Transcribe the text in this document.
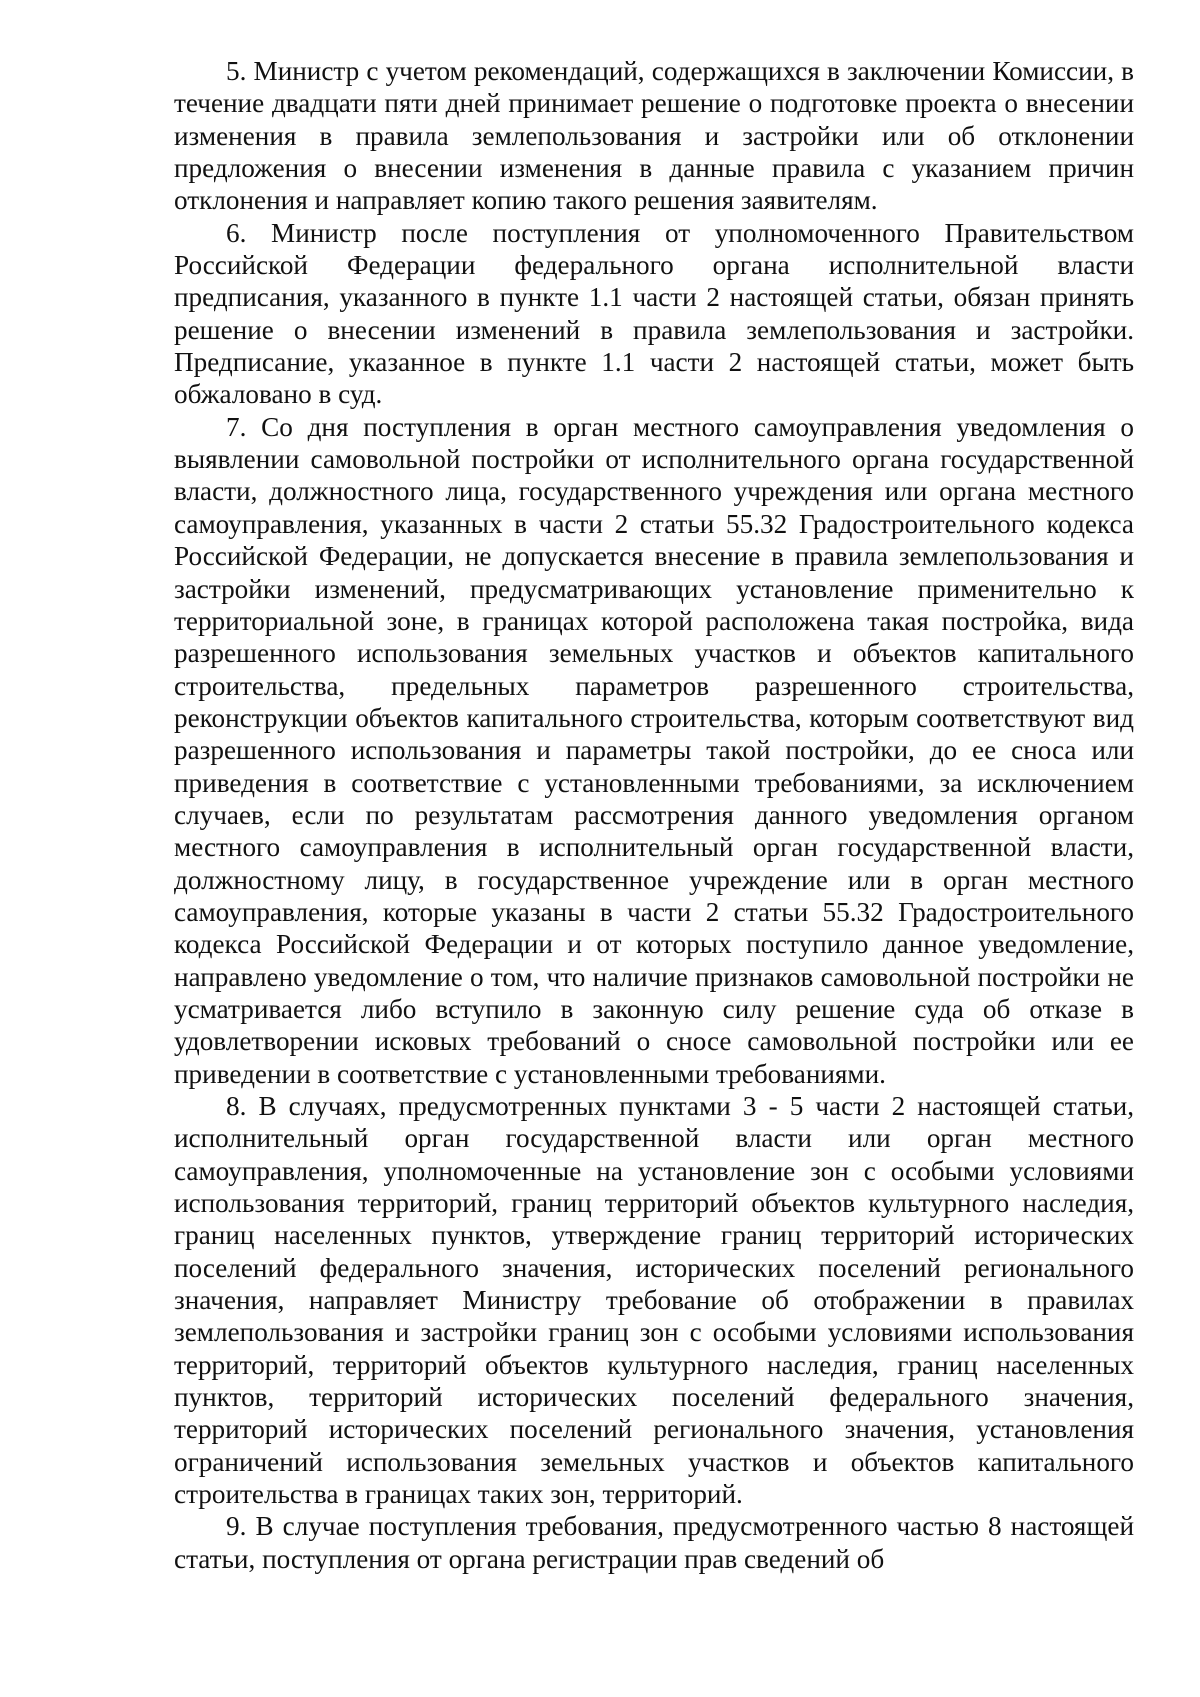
5. Министр с учетом рекомендаций, содержащихся в заключении Комиссии, в течение двадцати пяти дней принимает решение о подготовке проекта о внесении изменения в правила землепользования и застройки или об отклонении предложения о внесении изменения в данные правила с указанием причин отклонения и направляет копию такого решения заявителям.

6. Министр после поступления от уполномоченного Правительством Российской Федерации федерального органа исполнительной власти предписания, указанного в пункте 1.1 части 2 настоящей статьи, обязан принять решение о внесении изменений в правила землепользования и застройки. Предписание, указанное в пункте 1.1 части 2 настоящей статьи, может быть обжаловано в суд.

7. Со дня поступления в орган местного самоуправления уведомления о выявлении самовольной постройки от исполнительного органа государственной власти, должностного лица, государственного учреждения или органа местного самоуправления, указанных в части 2 статьи 55.32 Градостроительного кодекса Российской Федерации, не допускается внесение в правила землепользования и застройки изменений, предусматривающих установление применительно к территориальной зоне, в границах которой расположена такая постройка, вида разрешенного использования земельных участков и объектов капитального строительства, предельных параметров разрешенного строительства, реконструкции объектов капитального строительства, которым соответствуют вид разрешенного использования и параметры такой постройки, до ее сноса или приведения в соответствие с установленными требованиями, за исключением случаев, если по результатам рассмотрения данного уведомления органом местного самоуправления в исполнительный орган государственной власти, должностному лицу, в государственное учреждение или в орган местного самоуправления, которые указаны в части 2 статьи 55.32 Градостроительного кодекса Российской Федерации и от которых поступило данное уведомление, направлено уведомление о том, что наличие признаков самовольной постройки не усматривается либо вступило в законную силу решение суда об отказе в удовлетворении исковых требований о сносе самовольной постройки или ее приведении в соответствие с установленными требованиями.

8. В случаях, предусмотренных пунктами 3 - 5 части 2 настоящей статьи, исполнительный орган государственной власти или орган местного самоуправления, уполномоченные на установление зон с особыми условиями использования территорий, границ территорий объектов культурного наследия, границ населенных пунктов, утверждение границ территорий исторических поселений федерального значения, исторических поселений регионального значения, направляет Министру требование об отображении в правилах землепользования и застройки границ зон с особыми условиями использования территорий, территорий объектов культурного наследия, границ населенных пунктов, территорий исторических поселений федерального значения, территорий исторических поселений регионального значения, установления ограничений использования земельных участков и объектов капитального строительства в границах таких зон, территорий.

9. В случае поступления требования, предусмотренного частью 8 настоящей статьи, поступления от органа регистрации прав сведений об
